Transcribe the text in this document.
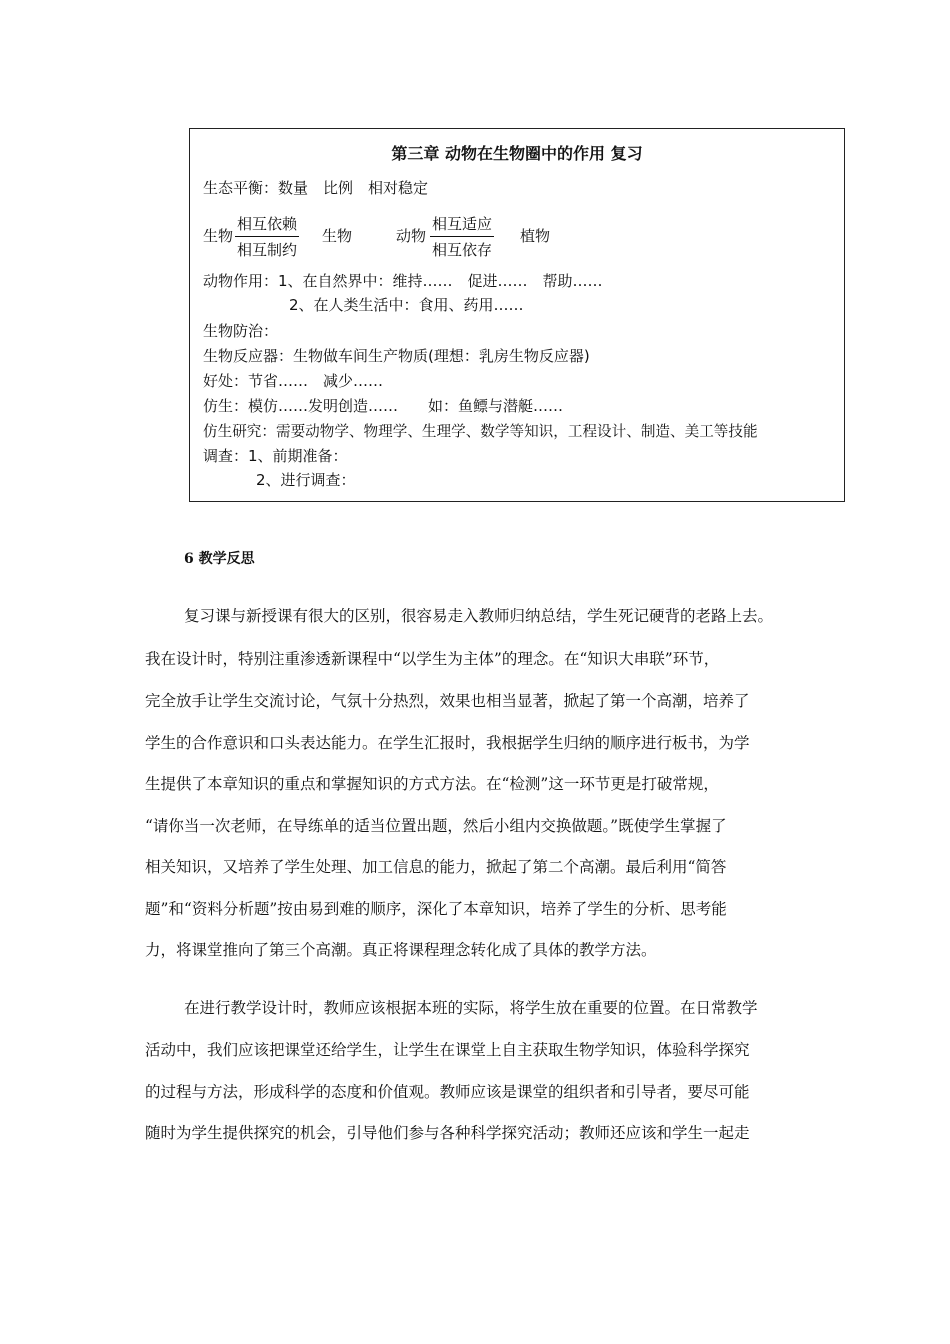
第三章 动物在生物圈中的作用 复习
生态平衡：数量　比例　相对稳定
生物
相互依赖
相互制约
生物	动物
相互适应
相互依存
植物
动物作用：1、在自然界中：维持……　促进……　帮助……
2、在人类生活中：食用、药用……
生物防治：
生物反应器：生物做车间生产物质(理想：乳房生物反应器)
好处：节省……　减少……
仿生：模仿……发明创造……　　如：鱼鳔与潜艇……
仿生研究：需要动物学、物理学、生理学、数学等知识，工程设计、制造、美工等技能
调查：1、前期准备：
2、进行调查：
6 教学反思
复习课与新授课有很大的区别，很容易走入教师归纳总结，学生死记硬背的老路上去。
我在设计时，特别注重渗透新课程中“以学生为主体”的理念。在“知识大串联”环节，
完全放手让学生交流讨论，气氛十分热烈，效果也相当显著，掀起了第一个高潮，培养了
学生的合作意识和口头表达能力。在学生汇报时，我根据学生归纳的顺序进行板书，为学
生提供了本章知识的重点和掌握知识的方式方法。在“检测”这一环节更是打破常规，
“请你当一次老师，在导练单的适当位置出题，然后小组内交换做题。”既使学生掌握了
相关知识，又培养了学生处理、加工信息的能力，掀起了第二个高潮。最后利用“简答
题”和“资料分析题”按由易到难的顺序，深化了本章知识，培养了学生的分析、思考能
力，将课堂推向了第三个高潮。真正将课程理念转化成了具体的教学方法。
在进行教学设计时，教师应该根据本班的实际，将学生放在重要的位置。在日常教学
活动中，我们应该把课堂还给学生，让学生在课堂上自主获取生物学知识，体验科学探究
的过程与方法，形成科学的态度和价值观。教师应该是课堂的组织者和引导者，要尽可能
随时为学生提供探究的机会，引导他们参与各种科学探究活动；教师还应该和学生一起走
